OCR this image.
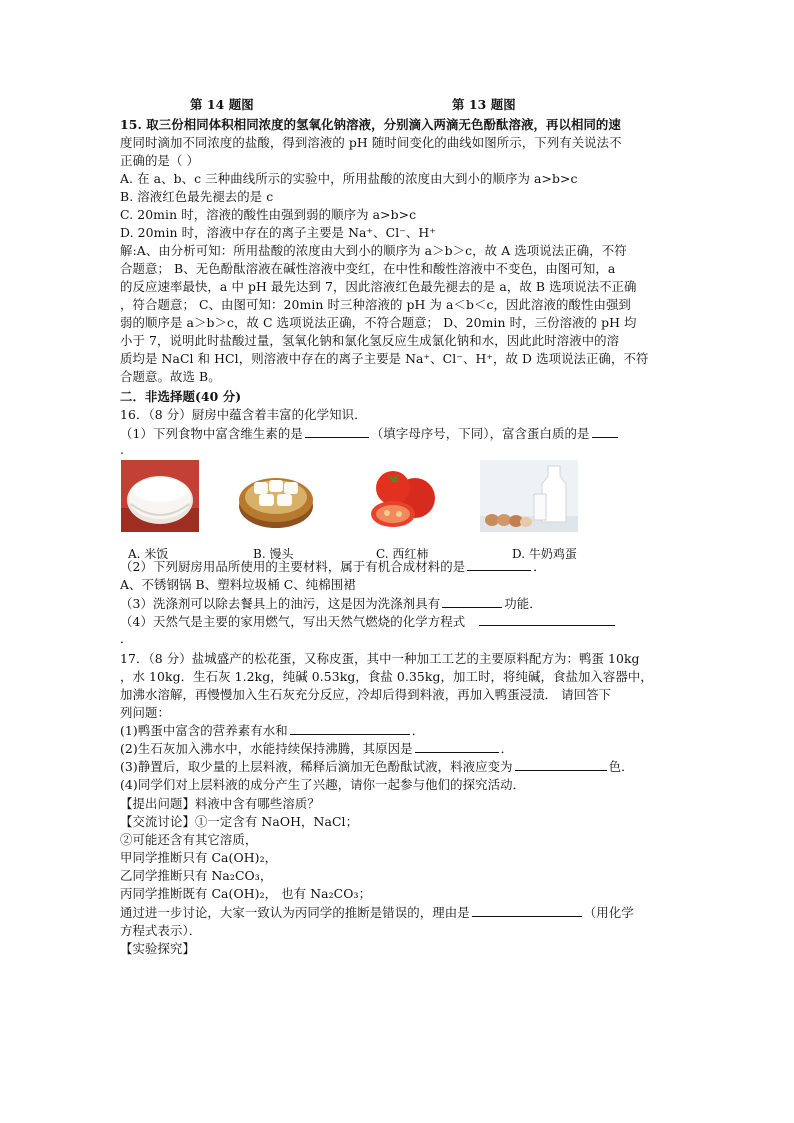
第 14 题图	第 13 题图
15. 取三份相同体积相同浓度的氢氧化钠溶液，分别滴入两滴无色酚酞溶液，再以相同的速
度同时滴加不同浓度的盐酸，得到溶液的 pH 随时间变化的曲线如图所示，下列有关说法不
正确的是（ ）
A. 在 a、b、c 三种曲线所示的实验中，所用盐酸的浓度由大到小的顺序为 a>b>c
B. 溶液红色最先褪去的是 c
C. 20min 时，溶液的酸性由强到弱的顺序为 a>b>c
D. 20min 时，溶液中存在的离子主要是 Na⁺、Cl⁻、H⁺
解:A、由分析可知：所用盐酸的浓度由大到小的顺序为 a＞b＞c，故 A 选项说法正确，不符
合题意； B、无色酚酞溶液在碱性溶液中变红，在中性和酸性溶液中不变色，由图可知，a
的反应速率最快，a 中 pH 最先达到 7，因此溶液红色最先褪去的是 a，故 B 选项说法不正确
，符合题意； C、由图可知：20min 时三种溶液的 pH 为 a＜b＜c，因此溶液的酸性由强到
弱的顺序是 a＞b＞c，故 C 选项说法正确，不符合题意； D、20min 时，三份溶液的 pH 均
小于 7，说明此时盐酸过量，氢氧化钠和氯化氢反应生成氯化钠和水，因此此时溶液中的溶
质均是 NaCl 和 HCl，则溶液中存在的离子主要是 Na⁺、Cl⁻、H⁺，故 D 选项说法正确，不符
合题意。故选 B。
二．非选择题(40 分)
16．（8 分）厨房中蕴含着丰富的化学知识．
（1）下列食物中富含维生素的是	（填字母序号，下同），富含蛋白质的是
.
A. 米饭	B. 馒头	C. 西红柿	D. 牛奶鸡蛋
（2）下列厨房用品所使用的主要材料，属于有机合成材料的是	．
A、不锈钢锅 B、塑料垃圾桶 C、纯棉围裙
（3）洗涤剂可以除去餐具上的油污，这是因为洗涤剂具有	功能．
（4）天然气是主要的家用燃气，写出天然气燃烧的化学方程式
．
17．（8 分）盐城盛产的松花蛋，又称皮蛋，其中一种加工工艺的主要原料配方为：鸭蛋 10kg
，水 10kg．生石灰 1.2kg，纯碱 0.53kg，食盐 0.35kg，加工时，将纯碱，食盐加入容器中，
加沸水溶解，再慢慢加入生石灰充分反应，冷却后得到料液，再加入鸭蛋浸渍． 请回答下
列问题：
(1)鸭蛋中富含的营养素有水和	．
(2)生石灰加入沸水中，水能持续保持沸腾，其原因是	．
(3)静置后，取少量的上层料液，稀释后滴加无色酚酞试液，料液应变为	色．
(4)同学们对上层料液的成分产生了兴趣，请你一起参与他们的探究活动．
【提出问题】料液中含有哪些溶质？
【交流讨论】①一定含有 NaOH，NaCl；
②可能还含有其它溶质，
甲同学推断只有 Ca(OH)₂，
乙同学推断只有 Na₂CO₃，
丙同学推断既有 Ca(OH)₂， 也有 Na₂CO₃；
通过进一步讨论，大家一致认为丙同学的推断是错误的，理由是	（用化学
方程式表示）．
【实验探究】
